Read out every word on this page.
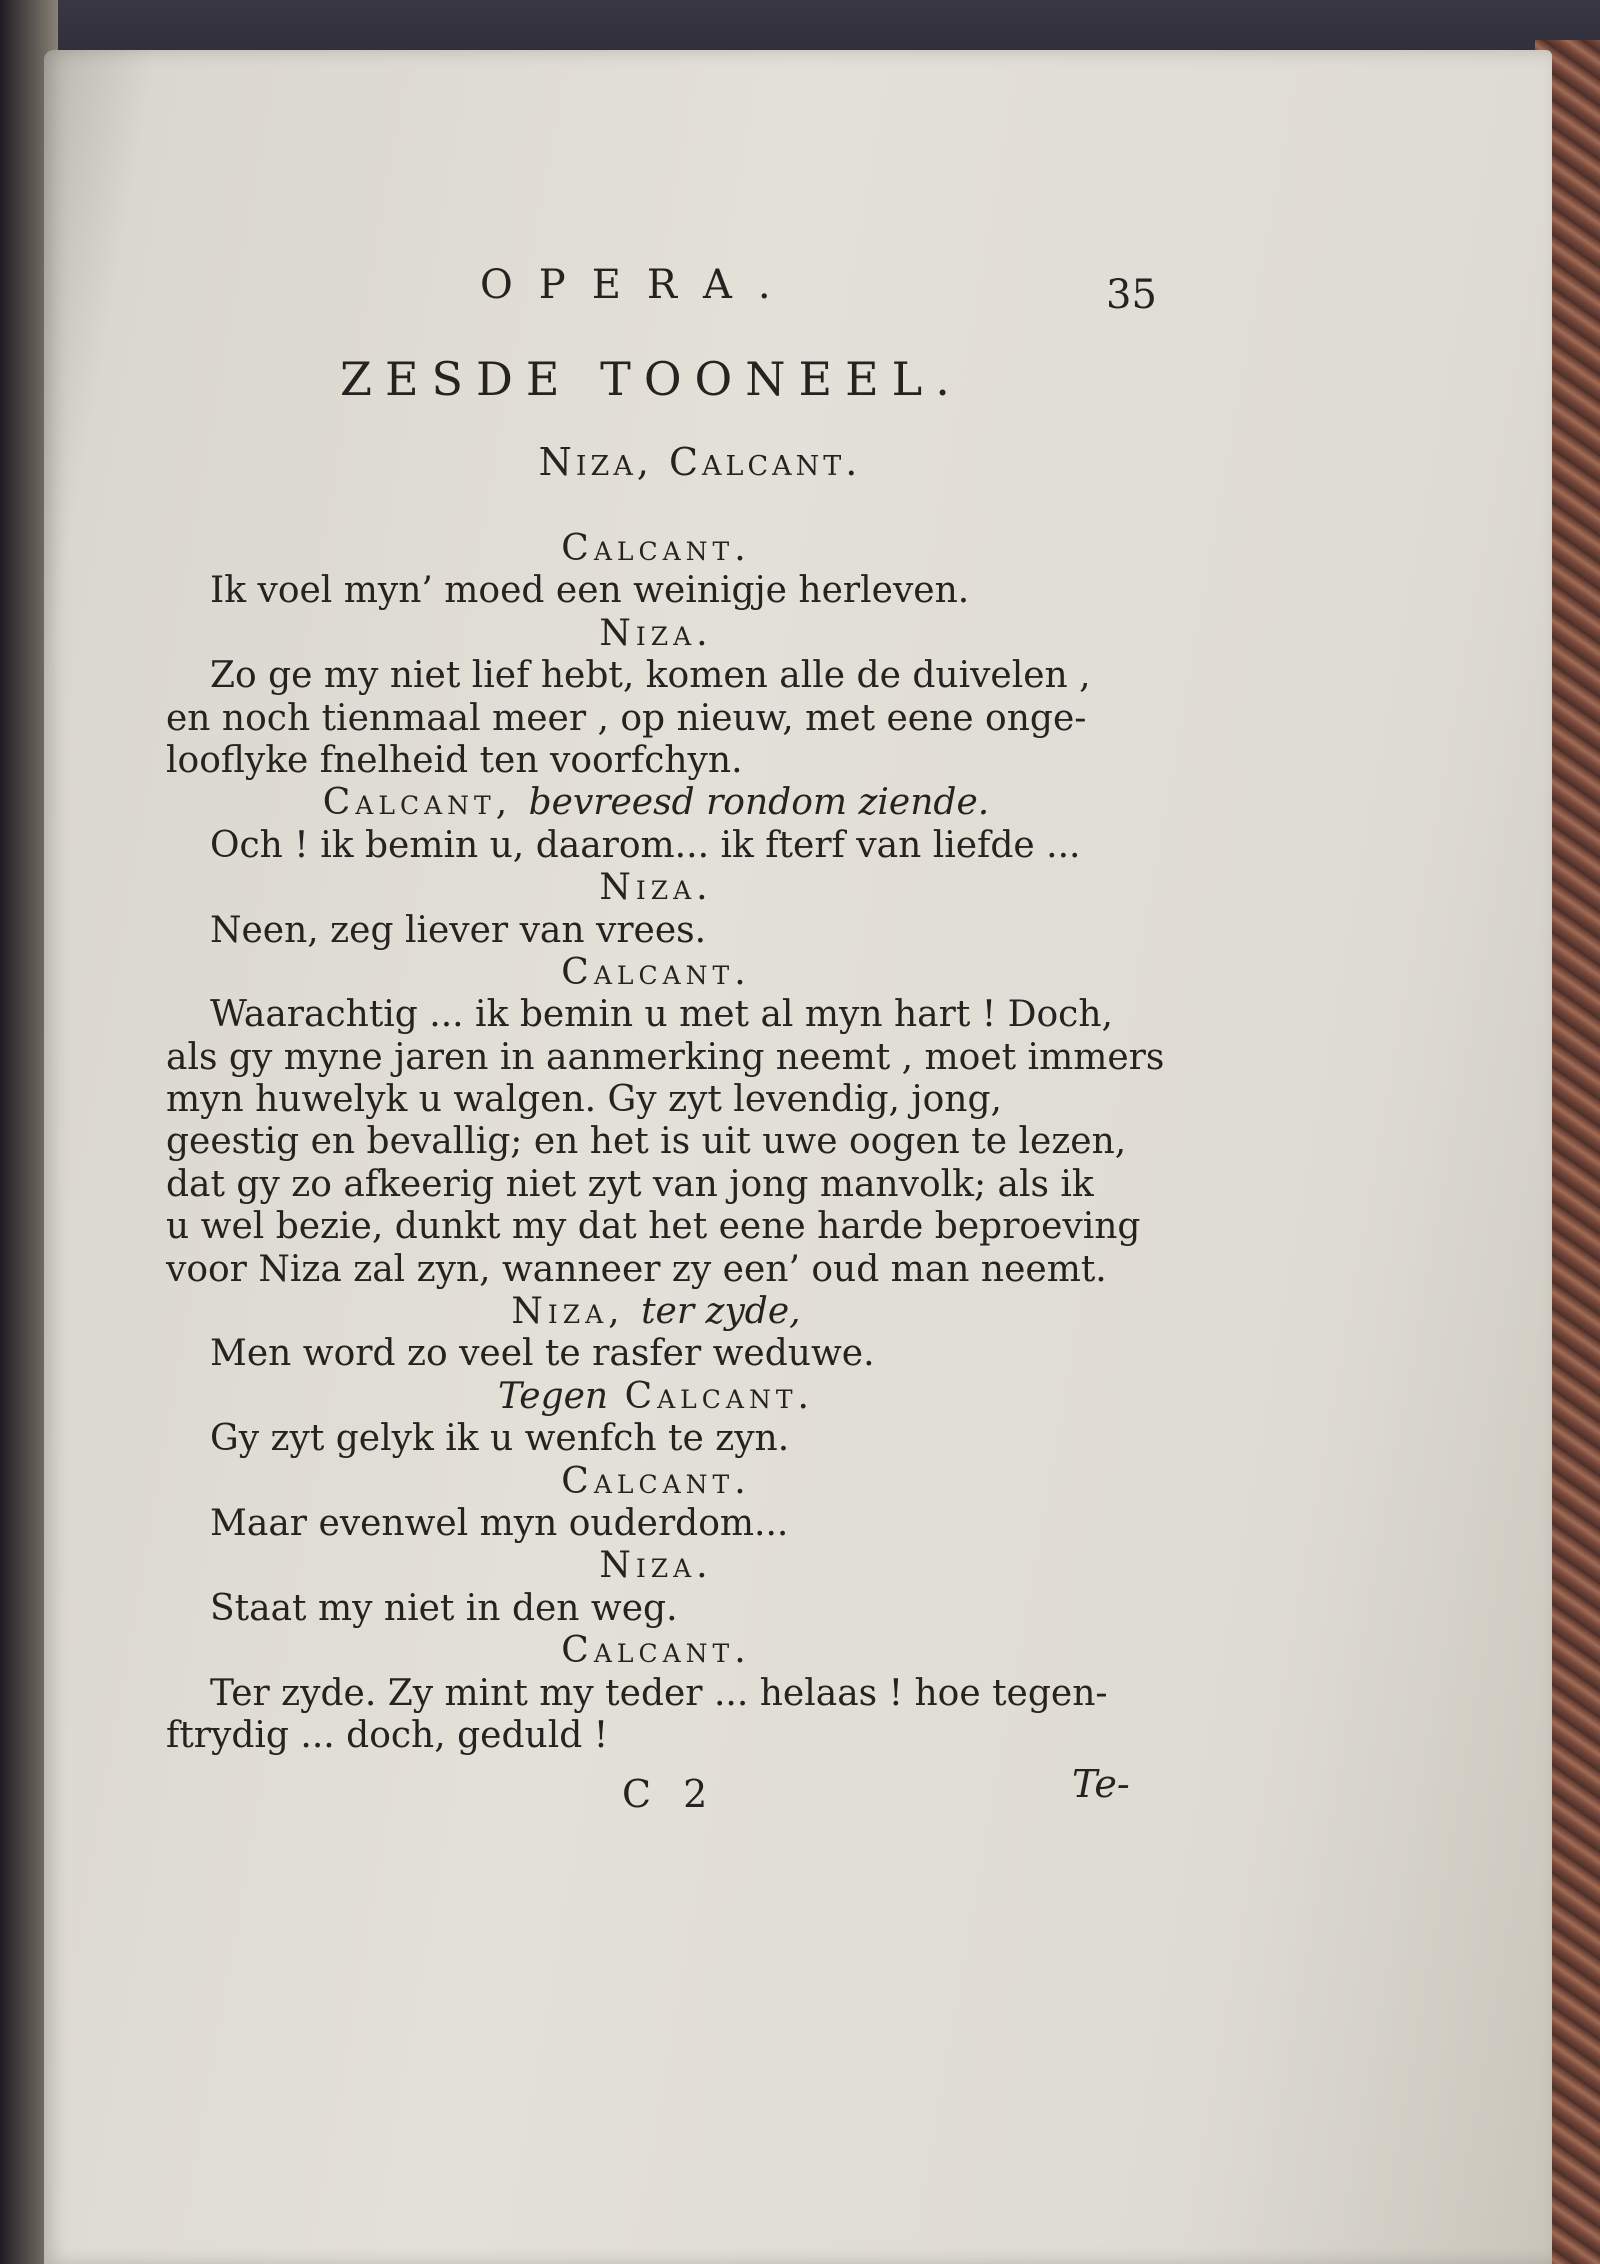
OPERA.	35
ZESDE TOONEEL.
Niza, Calcant.
Calcant.
Ik voel myn’ moed een weinigje herleven.
Niza.
Zo ge my niet lief hebt, komen alle de duivelen ,
en noch tienmaal meer , op nieuw, met eene onge-
looflyke fnelheid ten voorfchyn.
Calcant, bevreesd rondom ziende.
Och ! ik bemin u, daarom... ik fterf van liefde ...
Niza.
Neen, zeg liever van vrees.
Calcant.
Waarachtig ... ik bemin u met al myn hart ! Doch,
als gy myne jaren in aanmerking neemt , moet immers
myn huwelyk u walgen. Gy zyt levendig, jong,
geestig en bevallig; en het is uit uwe oogen te lezen,
dat gy zo afkeerig niet zyt van jong manvolk; als ik
u wel bezie, dunkt my dat het eene harde beproeving
voor Niza zal zyn, wanneer zy een’ oud man neemt.
Niza, ter zyde,
Men word zo veel te rasfer weduwe.
Tegen Calcant.
Gy zyt gelyk ik u wenfch te zyn.
Calcant.
Maar evenwel myn ouderdom...
Niza.
Staat my niet in den weg.
Calcant.
Ter zyde. Zy mint my teder ... helaas ! hoe tegen-
ftrydig ... doch, geduld !
C 2	Te-
